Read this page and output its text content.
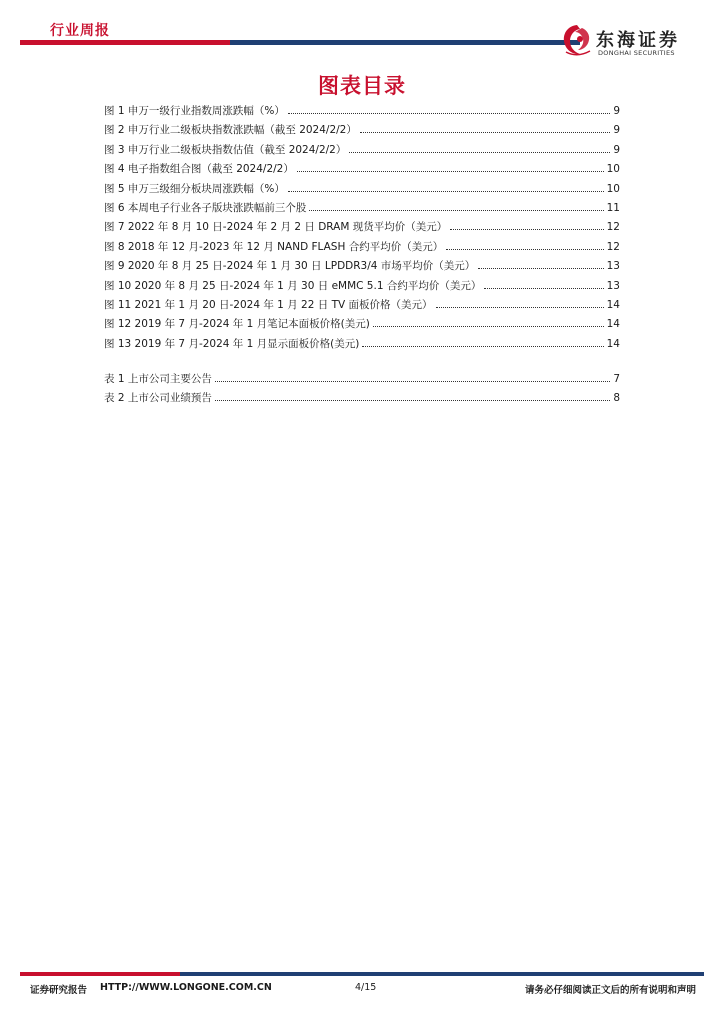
行业周报	东海证券
DONGHAI SECURITIES
图表目录
图 1 申万一级行业指数周涨跌幅（%）	9
图 2 申万行业二级板块指数涨跌幅（截至 2024/2/2）	9
图 3 申万行业二级板块指数估值（截至 2024/2/2）	9
图 4 电子指数组合图（截至 2024/2/2）	10
图 5 申万三级细分板块周涨跌幅（%）	10
图 6 本周电子行业各子版块涨跌幅前三个股	11
图 7 2022 年 8 月 10 日-2024 年 2 月 2 日 DRAM 现货平均价（美元）	12
图 8 2018 年 12 月-2023 年 12 月 NAND FLASH 合约平均价（美元）	12
图 9 2020 年 8 月 25 日-2024 年 1 月 30 日 LPDDR3/4 市场平均价（美元）	13
图 10 2020 年 8 月 25 日-2024 年 1 月 30 日 eMMC 5.1 合约平均价（美元）	13
图 11 2021 年 1 月 20 日-2024 年 1 月 22 日 TV 面板价格（美元）	14
图 12 2019 年 7 月-2024 年 1 月笔记本面板价格(美元)	14
图 13 2019 年 7 月-2024 年 1 月显示面板价格(美元)	14
表 1 上市公司主要公告	7
表 2 上市公司业绩预告	8
证券研究报告 HTTP://WWW.LONGONE.COM.CN	4/15	请务必仔细阅读正文后的所有说明和声明
